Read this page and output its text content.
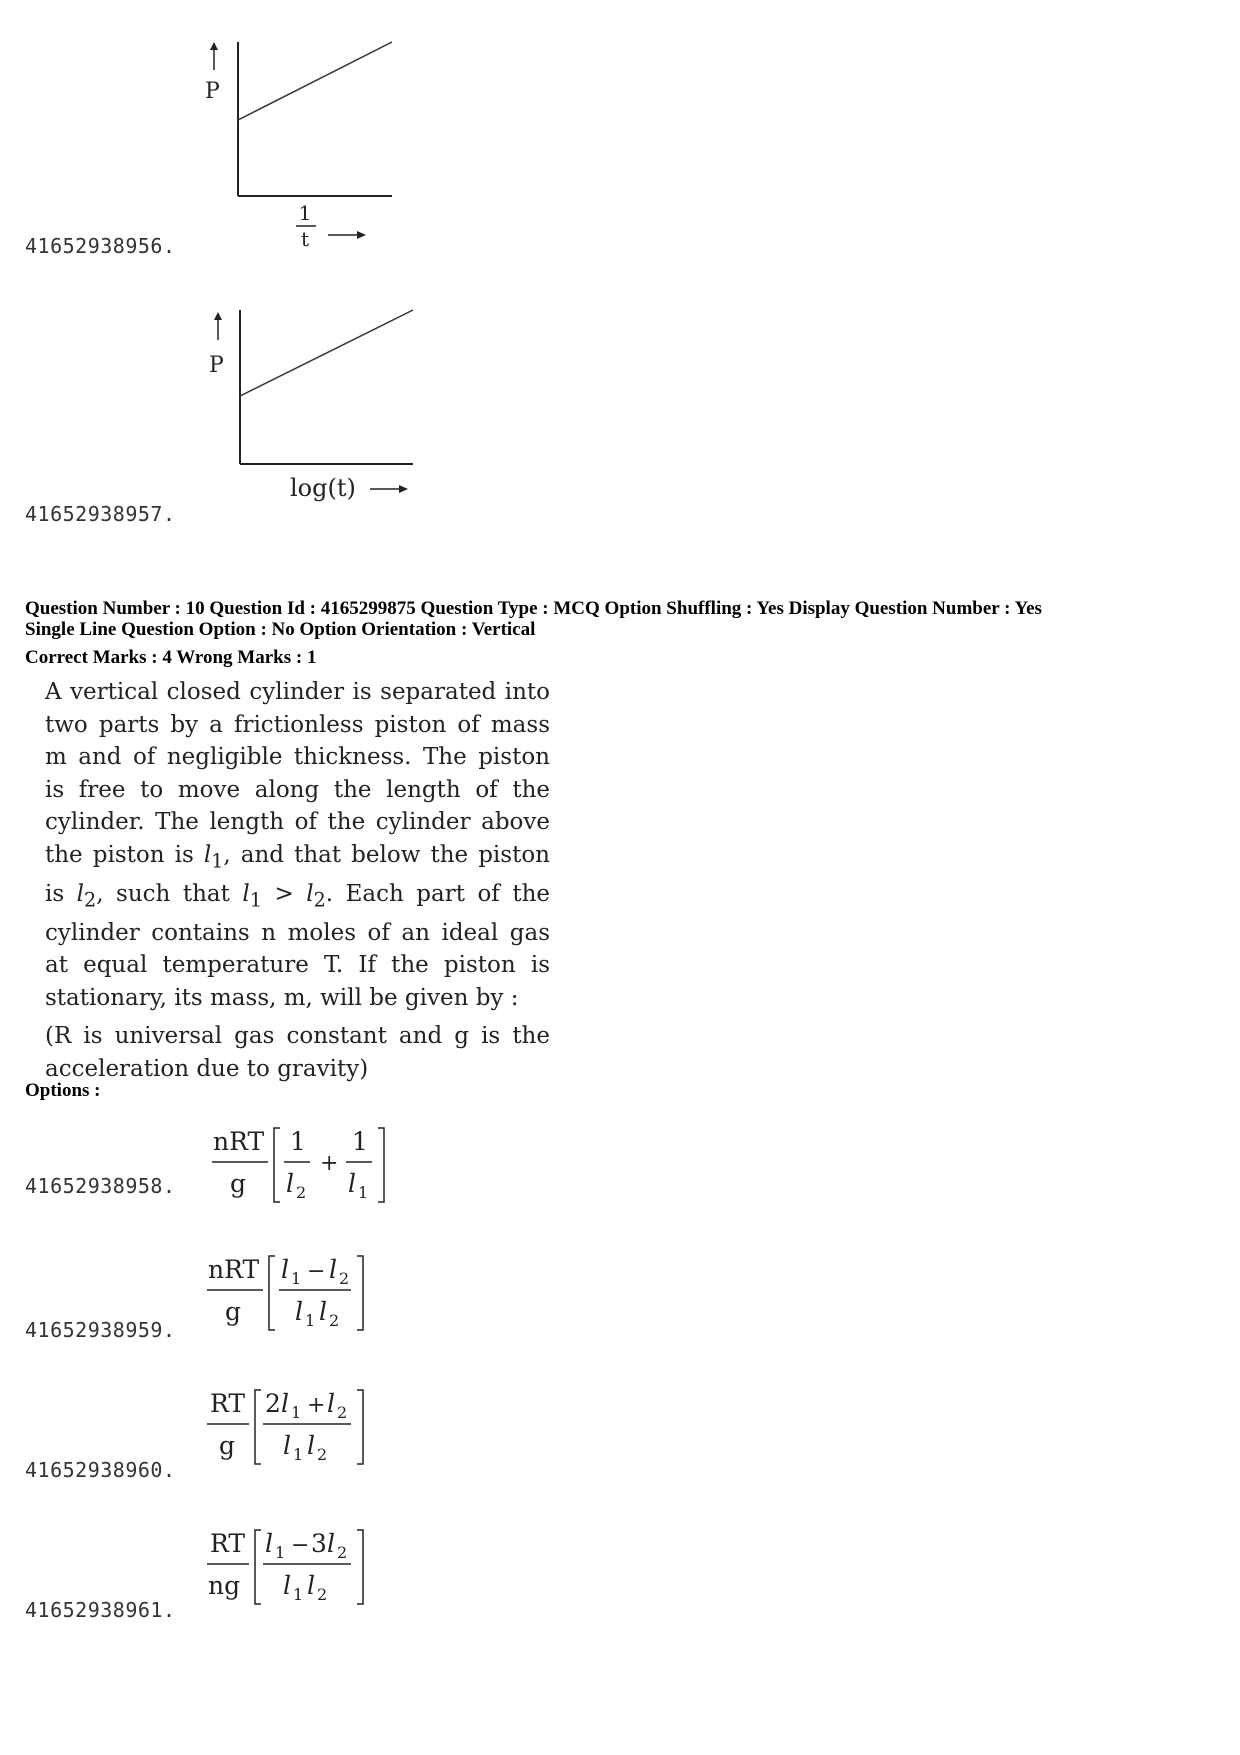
P
1
t
41652938956.
P
log(t)
41652938957.
Question Number : 10 Question Id : 4165299875 Question Type : MCQ Option Shuffling : Yes Display Question Number : Yes
Single Line Question Option : No Option Orientation : Vertical
Correct Marks : 4 Wrong Marks : 1

A vertical closed cylinder is separated into two parts by a frictionless piston of mass m and of negligible thickness. The piston is free to move along the length of the cylinder. The length of the cylinder above the piston is $l_1$, and that below the piston is $l_2$, such that $l_1 > l_2$. Each part of the cylinder contains n moles of an ideal gas at equal temperature T. If the piston is stationary, its mass, m, will be given by :

(R is universal gas constant and g is the acceleration due to gravity)

Options :
nRT
g
1
l 2
+
1
l 1
41652938958.
nRT
g
l 1 − l 2
l 1 l 2
41652938959.
RT
g
2 l 1 + l 2
l 1 l 2
41652938960.
RT
ng
l 1 − 3 l 2
l 1 l 2
41652938961.
